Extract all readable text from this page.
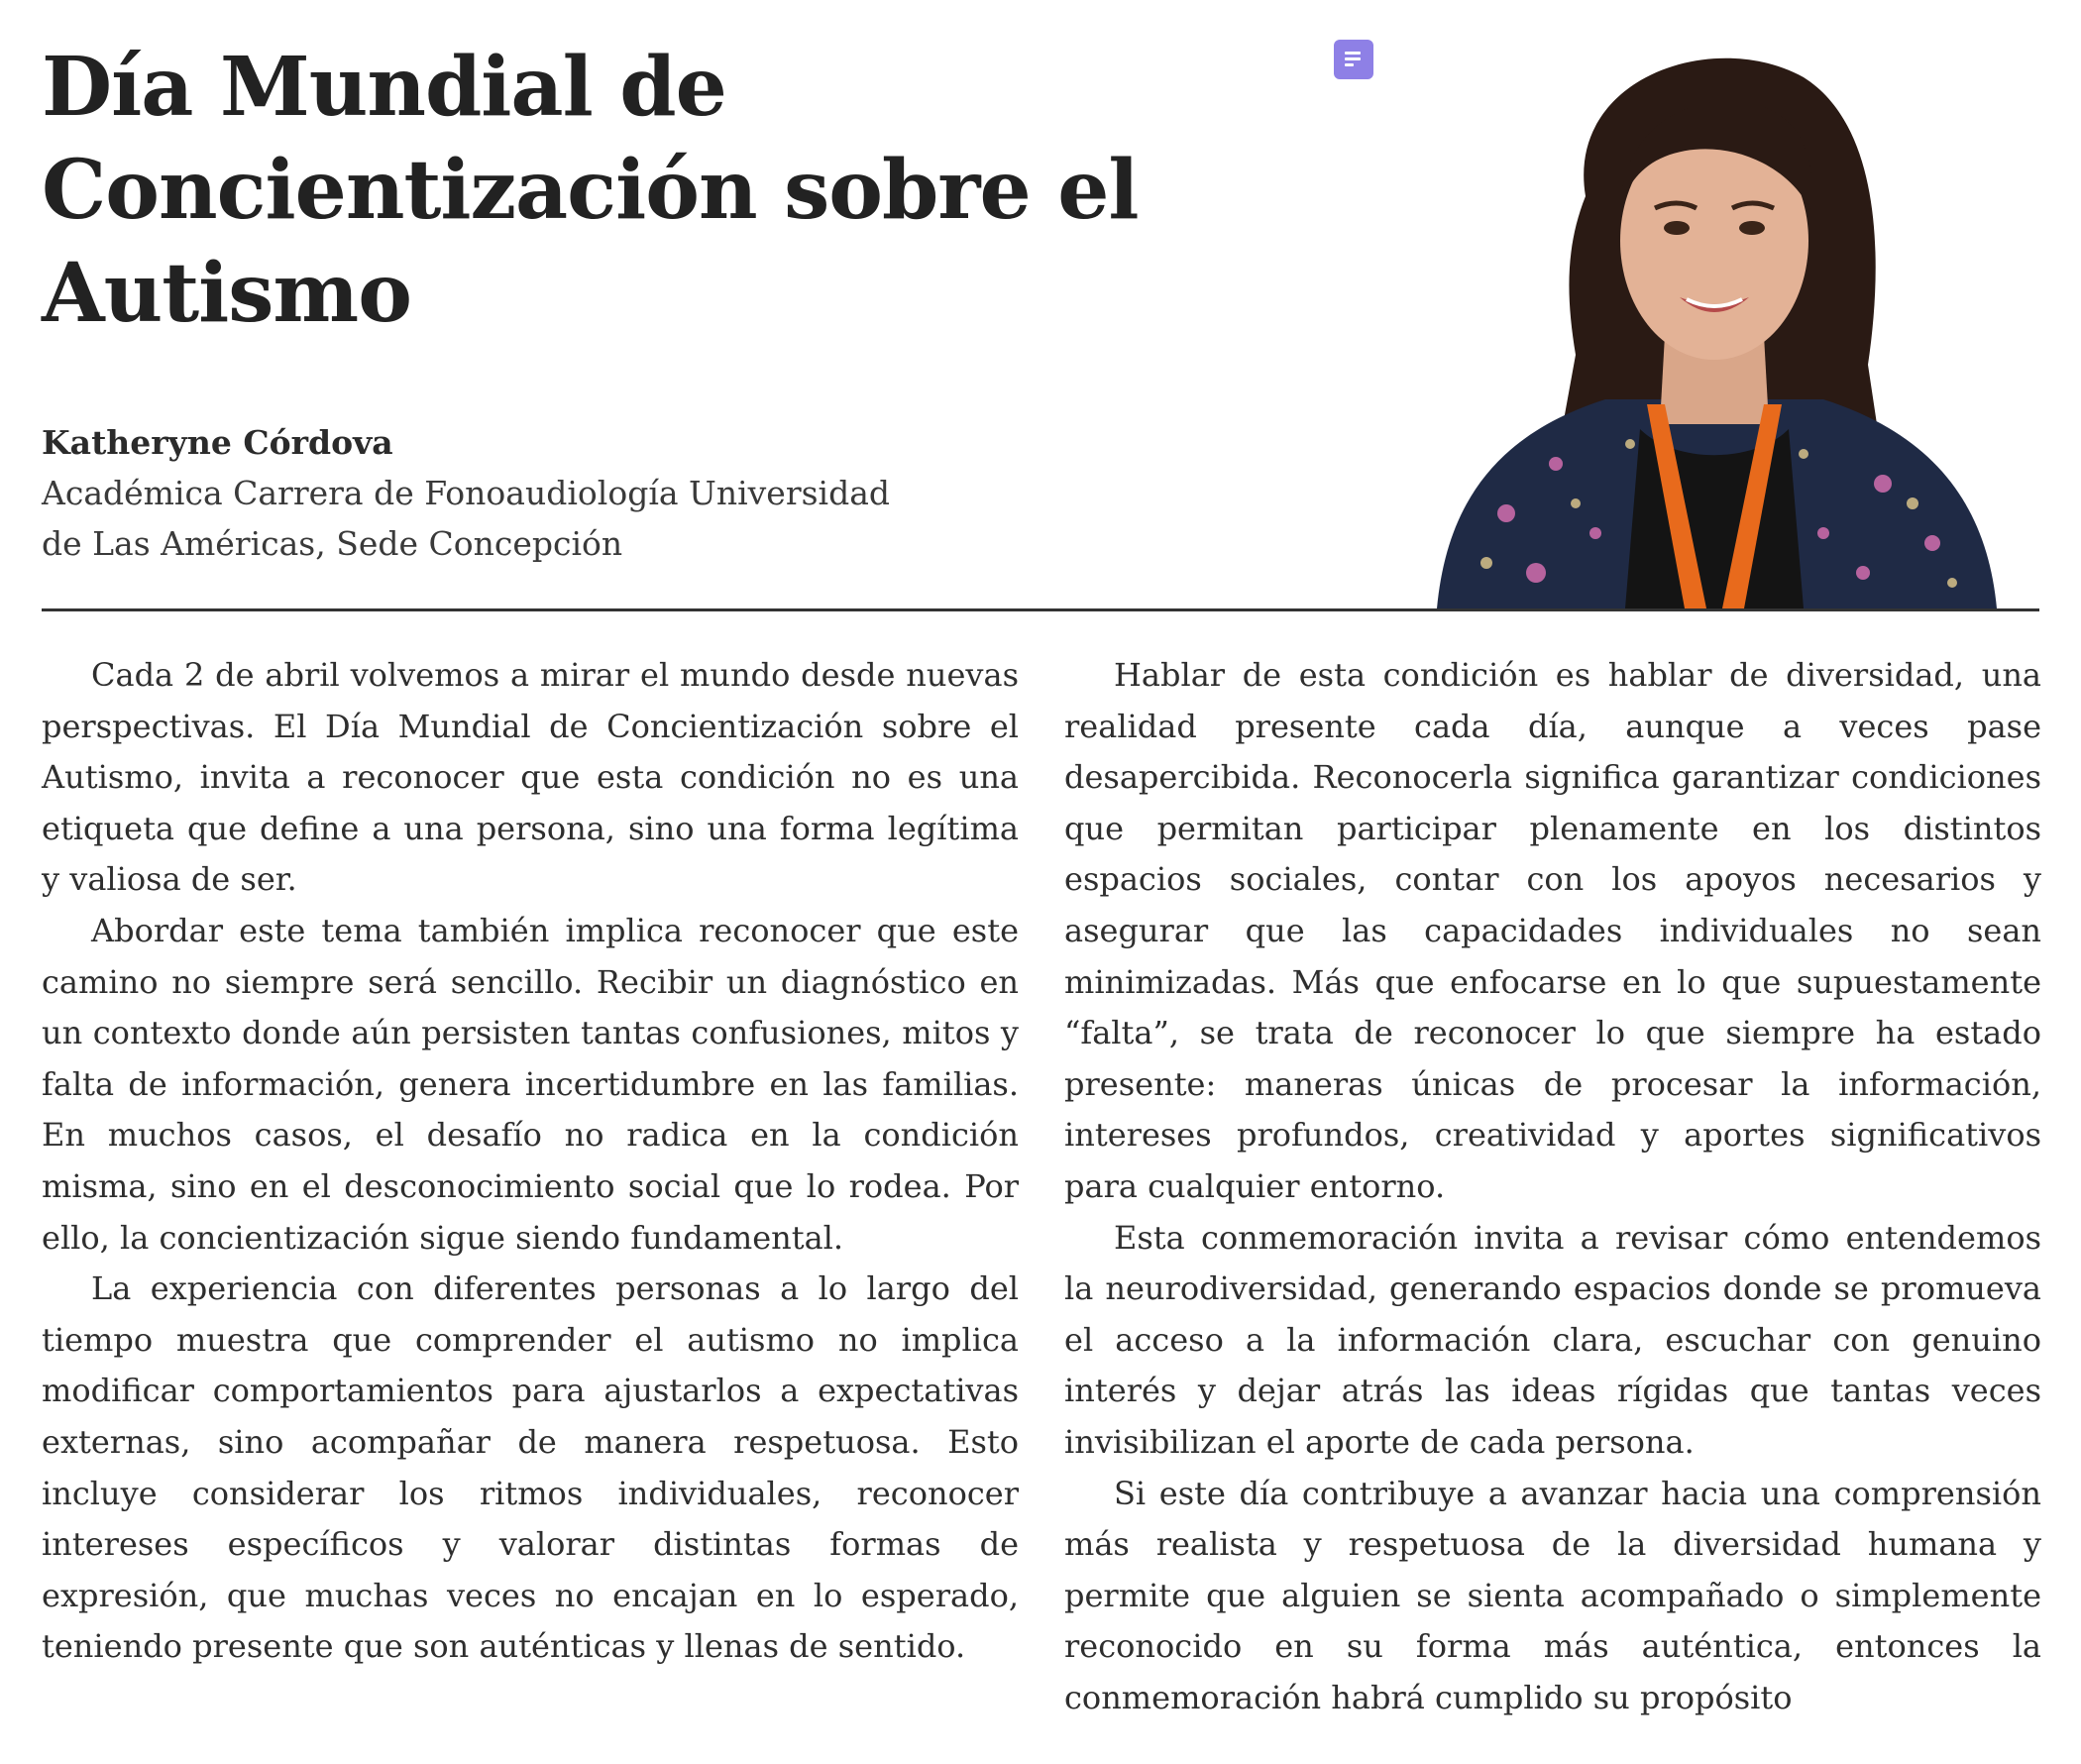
Día Mundial de Concientización sobre el Autismo
Katheryne Córdova
Académica Carrera de Fonoaudiología Universidad de Las Américas, Sede Concepción

Cada 2 de abril volvemos a mirar el mundo desde nuevas perspectivas. El Día Mundial de Concientización sobre el Autismo, invita a reconocer que esta condición no es una etiqueta que define a una persona, sino una forma legítima y valiosa de ser.

Abordar este tema también implica reconocer que este camino no siempre será sencillo. Recibir un diagnóstico en un contexto donde aún persisten tantas confusiones, mitos y falta de información, genera incertidumbre en las familias. En muchos casos, el desafío no radica en la condición misma, sino en el desconocimiento social que lo rodea. Por ello, la concientización sigue siendo fundamental.

La experiencia con diferentes personas a lo largo del tiempo muestra que comprender el autismo no implica modificar comportamientos para ajustarlos a expectativas externas, sino acompañar de manera respetuosa. Esto incluye considerar los ritmos individuales, reconocer intereses específicos y valorar distintas formas de expresión, que muchas veces no encajan en lo esperado, teniendo presente que son auténticas y llenas de sentido.

Hablar de esta condición es hablar de diversidad, una realidad presente cada día, aunque a veces pase desapercibida. Reconocerla significa garantizar condiciones que permitan participar plenamente en los distintos espacios sociales, contar con los apoyos necesarios y asegurar que las capacidades individuales no sean minimizadas. Más que enfocarse en lo que supuestamente “falta”, se trata de reconocer lo que siempre ha estado presente: maneras únicas de procesar la información, intereses profundos, creatividad y aportes significativos para cualquier entorno.

Esta conmemoración invita a revisar cómo entendemos la neurodiversidad, generando espacios donde se promueva el acceso a la información clara, escuchar con genuino interés y dejar atrás las ideas rígidas que tantas veces invisibilizan el aporte de cada persona.

Si este día contribuye a avanzar hacia una comprensión más realista y respetuosa de la diversidad humana y permite que alguien se sienta acompañado o simplemente reconocido en su forma más auténtica, entonces la conmemoración habrá cumplido su propósito
